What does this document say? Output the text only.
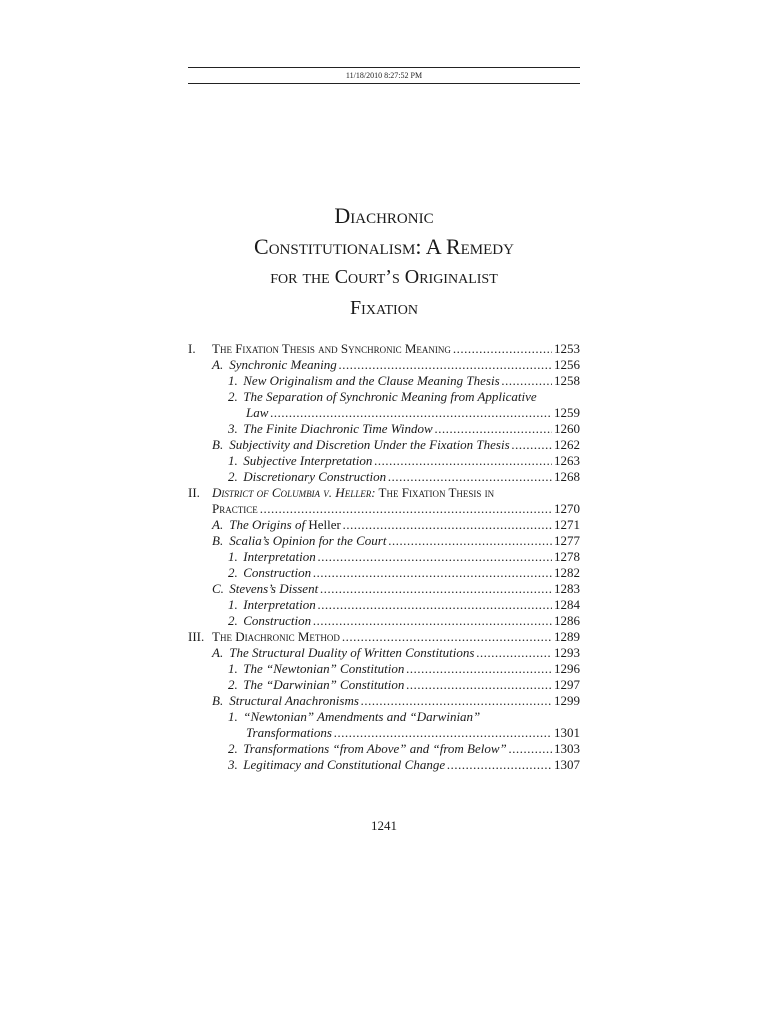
11/18/2010 8:27:52 PM
Diachronic
Constitutionalism: A Remedy
for the Court’s Originalist
Fixation
I. The Fixation Thesis and Synchronic Meaning .....	1253
A. Synchronic Meaning .....	1256
1. New Originalism and the Clause Meaning Thesis .....	1258
2. The Separation of Synchronic Meaning from Applicative
Law .....	1259
3. The Finite Diachronic Time Window .....	1260
B. Subjectivity and Discretion Under the Fixation Thesis .....	1262
1. Subjective Interpretation .....	1263
2. Discretionary Construction .....	1268
II. District of Columbia v. Heller: The Fixation Thesis in
Practice .....	1270
A. The Origins of Heller .....	1271
B. Scalia’s Opinion for the Court .....	1277
1. Interpretation .....	1278
2. Construction .....	1282
C. Stevens’s Dissent .....	1283
1. Interpretation .....	1284
2. Construction .....	1286
III. The Diachronic Method .....	1289
A. The Structural Duality of Written Constitutions .....	1293
1. The “Newtonian” Constitution .....	1296
2. The “Darwinian” Constitution .....	1297
B. Structural Anachronisms .....	1299
1. “Newtonian” Amendments and “Darwinian”
Transformations .....	1301
2. Transformations “from Above” and “from Below” .....	1303
3. Legitimacy and Constitutional Change .....	1307
1241
